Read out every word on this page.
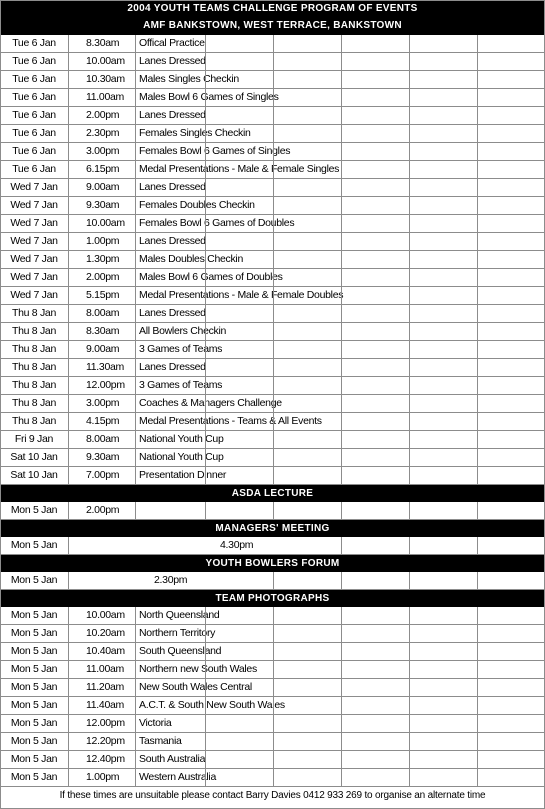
2004 YOUTH TEAMS CHALLENGE PROGRAM OF EVENTS
AMF BANKSTOWN, WEST TERRACE, BANKSTOWN
Tue 6 Jan	8.30am	Offical Practice
Tue 6 Jan	10.00am	Lanes Dressed
Tue 6 Jan	10.30am	Males Singles Checkin
Tue 6 Jan	11.00am	Males Bowl 6 Games of Singles
Tue 6 Jan	2.00pm	Lanes Dressed
Tue 6 Jan	2.30pm	Females Singles Checkin
Tue 6 Jan	3.00pm	Females Bowl 6 Games of Singles
Tue 6 Jan	6.15pm	Medal Presentations - Male & Female Singles
Wed 7 Jan	9.00am	Lanes Dressed
Wed 7 Jan	9.30am	Females Doubles Checkin
Wed 7 Jan	10.00am	Females Bowl 6 Games of Doubles
Wed 7 Jan	1.00pm	Lanes Dressed
Wed 7 Jan	1.30pm	Males Doubles Checkin
Wed 7 Jan	2.00pm	Males Bowl 6 Games of Doubles
Wed 7 Jan	5.15pm	Medal Presentations - Male & Female Doubles
Thu 8 Jan	8.00am	Lanes Dressed
Thu 8 Jan	8.30am	All Bowlers Checkin
Thu 8 Jan	9.00am	3 Games of Teams
Thu 8 Jan	11.30am	Lanes Dressed
Thu 8 Jan	12.00pm	3 Games of Teams
Thu 8 Jan	3.00pm	Coaches & Managers Challenge
Thu 8 Jan	4.15pm	Medal Presentations - Teams & All Events
Fri 9 Jan	8.00am	National Youth Cup
Sat 10 Jan	9.30am	National Youth Cup
Sat 10 Jan	7.00pm	Presentation Dinner
ASDA LECTURE
Mon 5 Jan	2.00pm
MANAGERS' MEETING
Mon 5 Jan	4.30pm
YOUTH BOWLERS FORUM
Mon 5 Jan	2.30pm
TEAM PHOTOGRAPHS
Mon 5 Jan	10.00am	North Queensland
Mon 5 Jan	10.20am	Northern Territory
Mon 5 Jan	10.40am	South Queensland
Mon 5 Jan	11.00am	Northern new South Wales
Mon 5 Jan	11.20am	New South Wales Central
Mon 5 Jan	11.40am	A.C.T. & South New South Wales
Mon 5 Jan	12.00pm	Victoria
Mon 5 Jan	12.20pm	Tasmania
Mon 5 Jan	12.40pm	South Australia
Mon 5 Jan	1.00pm	Western Australia
If these times are unsuitable please contact Barry Davies 0412 933 269 to organise an alternate time
